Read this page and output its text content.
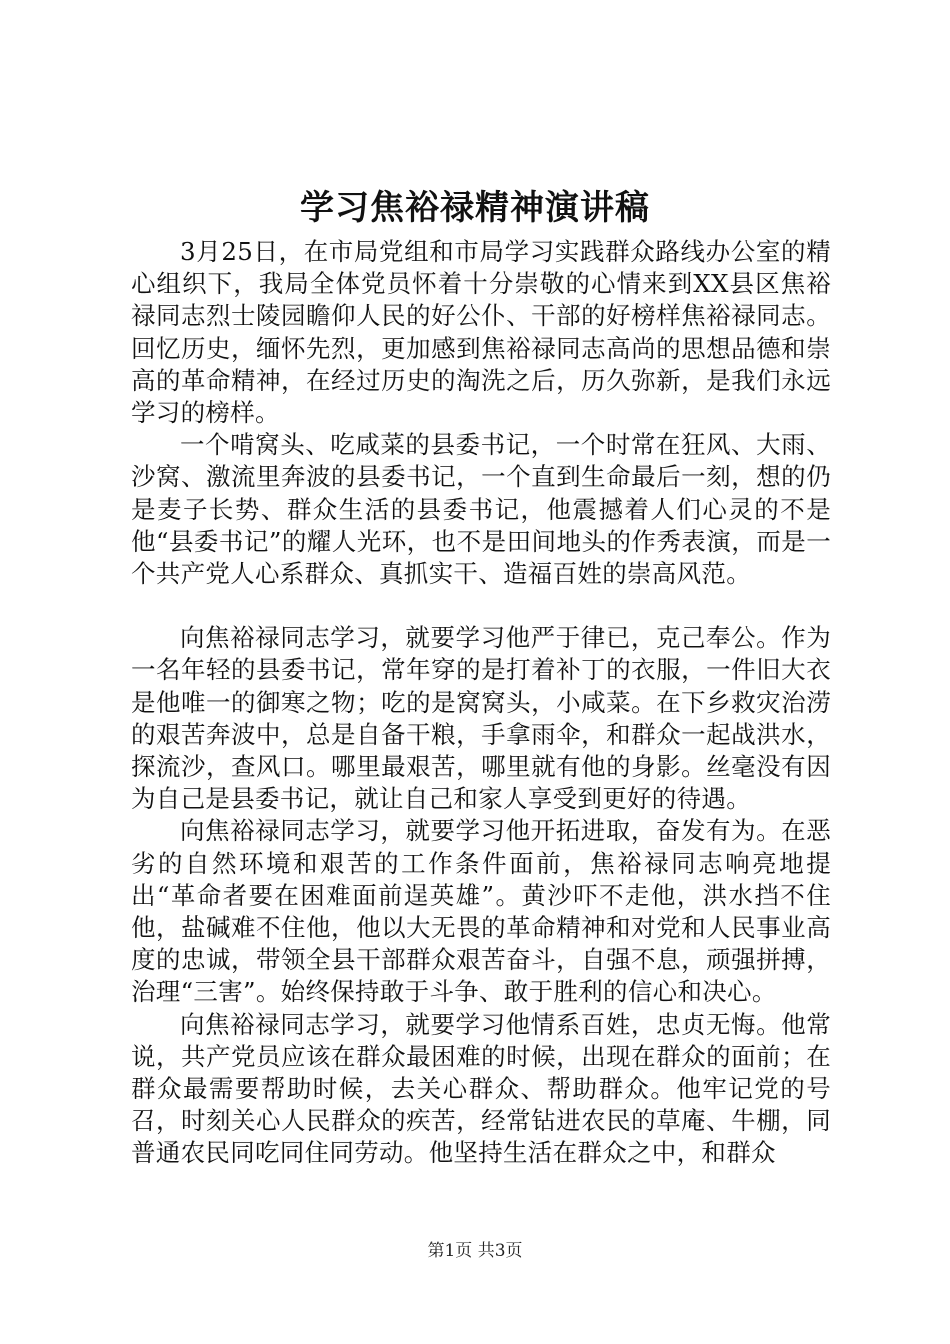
学习焦裕禄精神演讲稿

3月25日，在市局党组和市局学习实践群众路线办公室的精心组织下，我局全体党员怀着十分崇敬的心情来到XX县区焦裕禄同志烈士陵园瞻仰人民的好公仆、干部的好榜样焦裕禄同志。回忆历史，缅怀先烈，更加感到焦裕禄同志高尚的思想品德和崇高的革命精神，在经过历史的淘洗之后，历久弥新，是我们永远学习的榜样。

一个啃窝头、吃咸菜的县委书记，一个时常在狂风、大雨、沙窝、激流里奔波的县委书记，一个直到生命最后一刻，想的仍是麦子长势、群众生活的县委书记，他震撼着人们心灵的不是他“县委书记”的耀人光环，也不是田间地头的作秀表演，而是一个共产党人心系群众、真抓实干、造福百姓的崇高风范。

向焦裕禄同志学习，就要学习他严于律已，克己奉公。作为一名年轻的县委书记，常年穿的是打着补丁的衣服，一件旧大衣是他唯一的御寒之物；吃的是窝窝头，小咸菜。在下乡救灾治涝的艰苦奔波中，总是自备干粮，手拿雨伞，和群众一起战洪水，探流沙，查风口。哪里最艰苦，哪里就有他的身影。丝毫没有因为自己是县委书记，就让自己和家人享受到更好的待遇。

向焦裕禄同志学习，就要学习他开拓进取，奋发有为。在恶劣的自然环境和艰苦的工作条件面前，焦裕禄同志响亮地提出“革命者要在困难面前逞英雄”。黄沙吓不走他，洪水挡不住他，盐碱难不住他，他以大无畏的革命精神和对党和人民事业高度的忠诚，带领全县干部群众艰苦奋斗，自强不息，顽强拼搏，治理“三害”。始终保持敢于斗争、敢于胜利的信心和决心。

向焦裕禄同志学习，就要学习他情系百姓，忠贞无悔。他常说，共产党员应该在群众最困难的时候，出现在群众的面前；在群众最需要帮助时候，去关心群众、帮助群众。他牢记党的号召，时刻关心人民群众的疾苦，经常钻进农民的草庵、牛棚，同普通农民同吃同住同劳动。他坚持生活在群众之中，和群众

第1页 共3页
